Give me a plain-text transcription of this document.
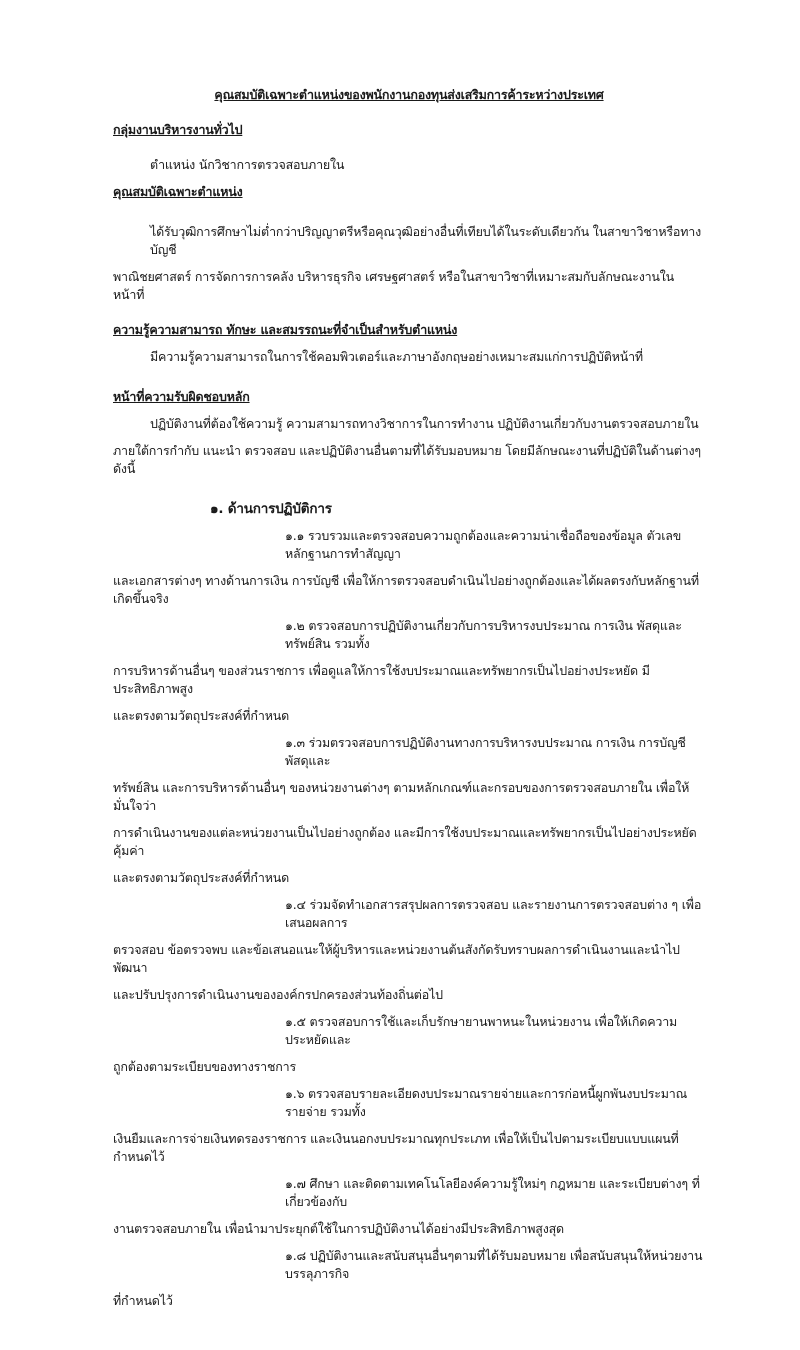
คุณสมบัติเฉพาะตำแหน่งของพนักงานกองทุนส่งเสริมการค้าระหว่างประเทศ
กลุ่มงานบริหารงานทั่วไป
ตำแหน่ง นักวิชาการตรวจสอบภายใน
คุณสมบัติเฉพาะตำแหน่ง
ได้รับวุฒิการศึกษาไม่ต่ำกว่าปริญญาตรีหรือคุณวุฒิอย่างอื่นที่เทียบได้ในระดับเดียวกัน ในสาขาวิชาหรือทาง บัญชี
พาณิชยศาสตร์ การจัดการการคลัง บริหารธุรกิจ เศรษฐศาสตร์ หรือในสาขาวิชาที่เหมาะสมกับลักษณะงานในหน้าที่
ความรู้ความสามารถ ทักษะ และสมรรถนะที่จำเป็นสำหรับตำแหน่ง
มีความรู้ความสามารถในการใช้คอมพิวเตอร์และภาษาอังกฤษอย่างเหมาะสมแก่การปฏิบัติหน้าที่
หน้าที่ความรับผิดชอบหลัก
ปฏิบัติงานที่ต้องใช้ความรู้ ความสามารถทางวิชาการในการทำงาน ปฏิบัติงานเกี่ยวกับงานตรวจสอบภายใน
ภายใต้การกำกับ แนะนำ ตรวจสอบ และปฏิบัติงานอื่นตามที่ได้รับมอบหมาย โดยมีลักษณะงานที่ปฏิบัติในด้านต่างๆ ดังนี้
๑. ด้านการปฏิบัติการ
๑.๑ รวบรวมและตรวจสอบความถูกต้องและความน่าเชื่อถือของข้อมูล ตัวเลข หลักฐานการทำสัญญา
และเอกสารต่างๆ ทางด้านการเงิน การบัญชี เพื่อให้การตรวจสอบดำเนินไปอย่างถูกต้องและได้ผลตรงกับหลักฐานที่เกิดขึ้นจริง
๑.๒ ตรวจสอบการปฏิบัติงานเกี่ยวกับการบริหารงบประมาณ การเงิน พัสดุและทรัพย์สิน รวมทั้ง
การบริหารด้านอื่นๆ ของส่วนราชการ เพื่อดูแลให้การใช้งบประมาณและทรัพยากรเป็นไปอย่างประหยัด มีประสิทธิภาพสูง
และตรงตามวัตถุประสงค์ที่กำหนด
๑.๓ ร่วมตรวจสอบการปฏิบัติงานทางการบริหารงบประมาณ การเงิน การบัญชี พัสดุและ
ทรัพย์สิน และการบริหารด้านอื่นๆ ของหน่วยงานต่างๆ ตามหลักเกณฑ์และกรอบของการตรวจสอบภายใน เพื่อให้มั่นใจว่า
การดำเนินงานของแต่ละหน่วยงานเป็นไปอย่างถูกต้อง และมีการใช้งบประมาณและทรัพยากรเป็นไปอย่างประหยัด คุ้มค่า
และตรงตามวัตถุประสงค์ที่กำหนด
๑.๔ ร่วมจัดทำเอกสารสรุปผลการตรวจสอบ และรายงานการตรวจสอบต่าง ๆ เพื่อเสนอผลการ
ตรวจสอบ ข้อตรวจพบ และข้อเสนอแนะให้ผู้บริหารและหน่วยงานต้นสังกัดรับทราบผลการดำเนินงานและนำไปพัฒนา
และปรับปรุงการดำเนินงานขององค์กรปกครองส่วนท้องถิ่นต่อไป
๑.๕ ตรวจสอบการใช้และเก็บรักษายานพาหนะในหน่วยงาน เพื่อให้เกิดความประหยัดและ
ถูกต้องตามระเบียบของทางราชการ
๑.๖ ตรวจสอบรายละเอียดงบประมาณรายจ่ายและการก่อหนี้ผูกพันงบประมาณรายจ่าย รวมทั้ง
เงินยืมและการจ่ายเงินทดรองราชการ และเงินนอกงบประมาณทุกประเภท เพื่อให้เป็นไปตามระเบียบแบบแผนที่กำหนดไว้
๑.๗ ศึกษา และติดตามเทคโนโลยีองค์ความรู้ใหม่ๆ กฎหมาย และระเบียบต่างๆ ที่เกี่ยวข้องกับ
งานตรวจสอบภายใน เพื่อนำมาประยุกต์ใช้ในการปฏิบัติงานได้อย่างมีประสิทธิภาพสูงสุด
๑.๘ ปฏิบัติงานและสนับสนุนอื่นๆตามที่ได้รับมอบหมาย เพื่อสนับสนุนให้หน่วยงานบรรลุภารกิจ
ที่กำหนดไว้
